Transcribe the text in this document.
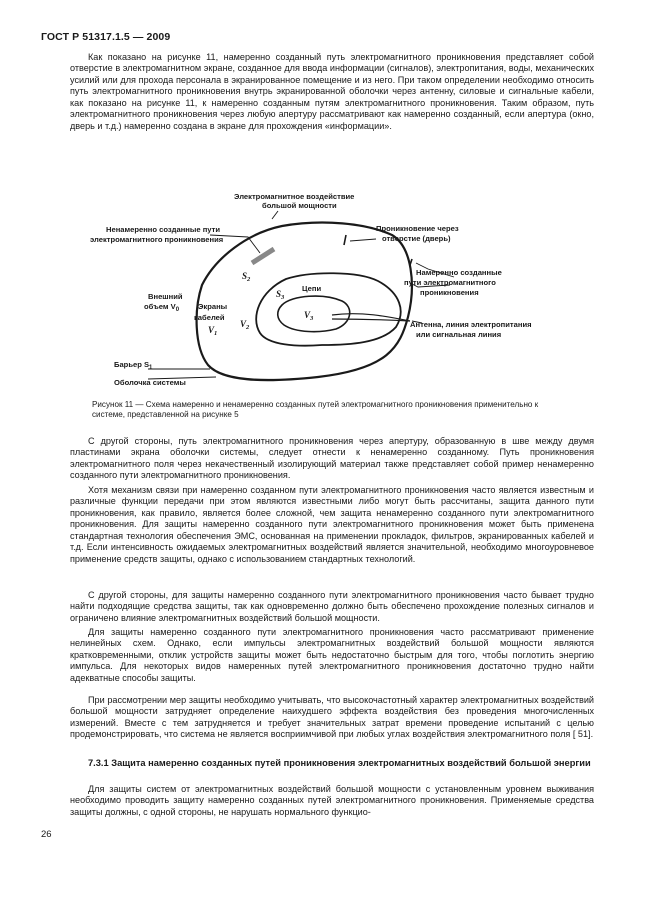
ГОСТ Р 51317.1.5 — 2009

Как показано на рисунке 11, намеренно созданный путь электромагнитного проникновения представляет собой отверстие в электромагнитном экране, созданное для ввода информации (сигналов), электропитания, воды, механических усилий или для прохода персонала в экранированное помещение и из него. При таком определении необходимо относить путь электромагнитного проникновения внутрь экранированной оболочки через антенну, силовые и сигнальные кабели, как показано на рисунке 11, к намеренно созданным путям электромагнитного проникновения. Таким образом, путь электромагнитного проникновения через любую апертуру рассматривают как намеренно созданный, если апертура (окно, дверь и т.д.) намеренно создана в экране для прохождения «информации».

Электромагнитное воздействие
большой мощности
Ненамеренно созданные пути
электромагнитного проникновения
Проникновение через
отверстие (дверь)
Намеренно созданные
пути электромагнитного
проникновения
Антенна, линия электропитания
или сигнальная линия
Внешний
объем $V_0$ Экраны
кабелей
$V_1$
$V_2$
$V_3$
$S_2$
$S_3$
Цепи
Барьер $S_1$
Оболочка системы

Рисунок 11 — Схема намеренно и ненамеренно созданных путей электромагнитного проникновения применительно к системе, представленной на рисунке 5

С другой стороны, путь электромагнитного проникновения через апертуру, образованную в шве между двумя пластинами экрана оболочки системы, следует отнести к ненамеренно созданному. Путь проникновения электромагнитного поля через некачественный изолирующий материал также представляет собой пример ненамеренно созданного пути электромагнитного проникновения.

Хотя механизм связи при намеренно созданном пути электромагнитного проникновения часто является известным и различные функции передачи при этом являются известными либо могут быть рассчитаны, защита данного пути проникновения, как правило, является более сложной, чем защита ненамеренно созданного пути электромагнитного проникновения. Для защиты намеренно созданного пути электромагнитного проникновения может быть применена стандартная технология обеспечения ЭМС, основанная на применении прокладок, фильтров, экранированных кабелей и т.д. Если интенсивность ожидаемых электромагнитных воздействий является значительной, необходимо многоуровневое применение средств защиты, однако с использованием стандартных технологий.

С другой стороны, для защиты намеренно созданного пути электромагнитного проникновения часто бывает трудно найти подходящие средства защиты, так как одновременно должно быть обеспечено прохождение полезных сигналов и ограничено влияние электромагнитных воздействий большой мощности.

Для защиты намеренно созданного пути электромагнитного проникновения часто рассматривают применение нелинейных схем. Однако, если импульсы электромагнитных воздействий большой мощности являются кратковременными, отклик устройств защиты может быть недостаточно быстрым для того, чтобы поглотить энергию импульса. Для некоторых видов намеренных путей электромагнитного проникновения достаточно трудно найти адекватные способы защиты.

При рассмотрении мер защиты необходимо учитывать, что высокочастотный характер электромагнитных воздействий большой мощности затрудняет определение наихудшего эффекта воздействия без проведения многочисленных измерений. Вместе с тем затрудняется и требует значительных затрат времени проведение испытаний с целью продемонстрировать, что система не является восприимчивой при любых углах воздействия электромагнитного поля [ 51].

7.3.1 Защита намеренно созданных путей проникновения электромагнитных воздействий большой энергии

Для защиты систем от электромагнитных воздействий большой мощности с установленным уровнем выживания необходимо проводить защиту намеренно созданных путей электромагнитного проникновения. Применяемые средства защиты должны, с одной стороны, не нарушать нормального функцио-

26
